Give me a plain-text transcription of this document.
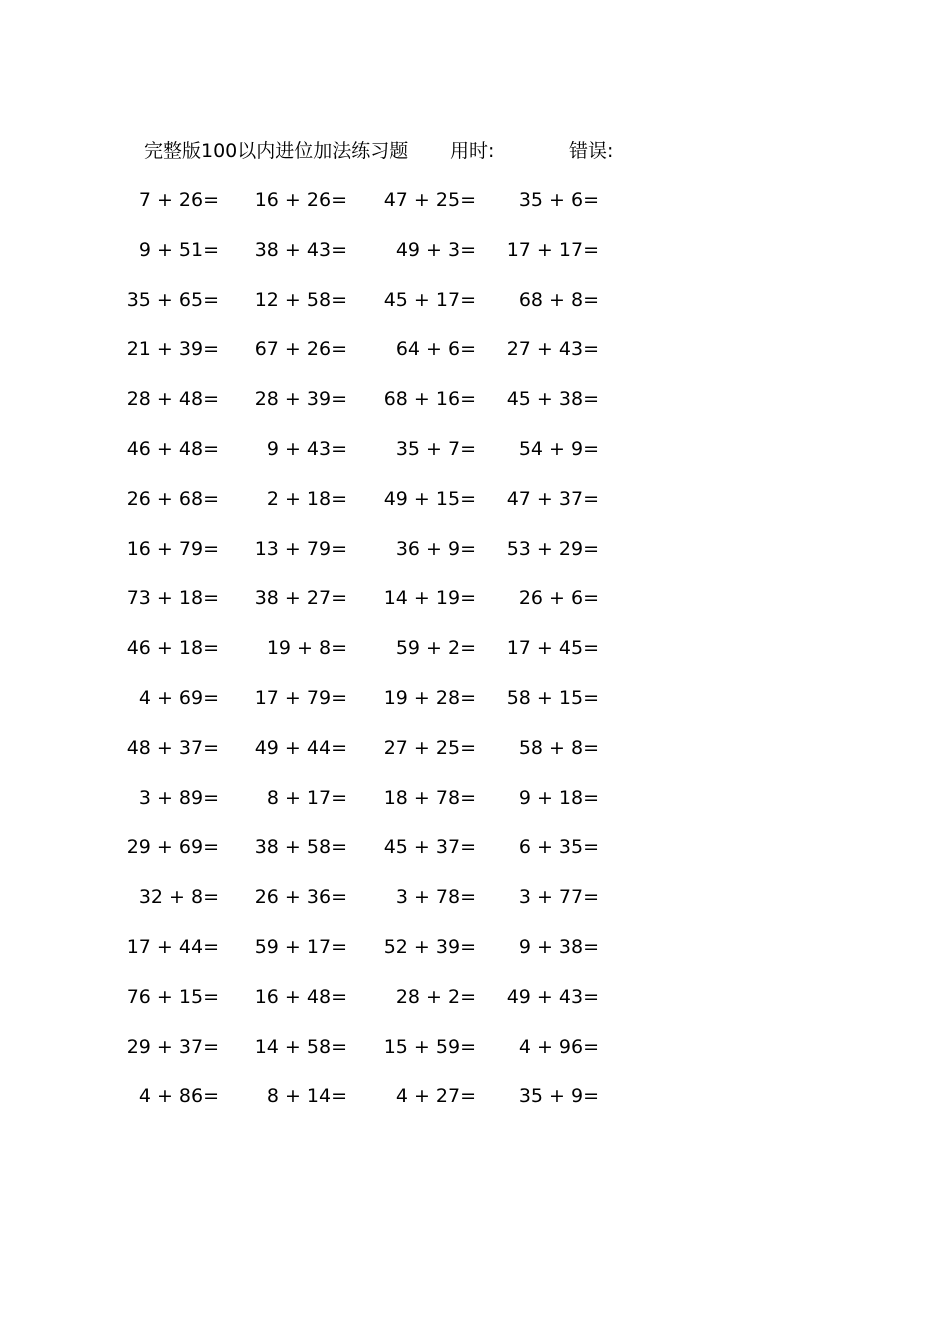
完整版100以内进位加法练习题 用时:	错误:
7 + 26= 16 + 26= 47 + 25= 35 + 6=
9 + 51= 38 + 43=	49 + 3= 17 + 17=
35 + 65= 12 + 58= 45 + 17= 68 + 8=
21 + 39= 67 + 26=	64 + 6= 27 + 43=
28 + 48= 28 + 39= 68 + 16= 45 + 38=
46 + 48=	9 + 43=	35 + 7= 54 + 9=
26 + 68=	2 + 18= 49 + 15= 47 + 37=
16 + 79= 13 + 79=	36 + 9= 53 + 29=
73 + 18= 38 + 27= 14 + 19= 26 + 6=
46 + 18=	19 + 8=	59 + 2= 17 + 45=
4 + 69= 17 + 79= 19 + 28= 58 + 15=
48 + 37= 49 + 44= 27 + 25= 58 + 8=
3 + 89=	8 + 17= 18 + 78= 9 + 18=
29 + 69= 38 + 58= 45 + 37= 6 + 35=
32 + 8= 26 + 36=	3 + 78= 3 + 77=
17 + 44= 59 + 17= 52 + 39= 9 + 38=
76 + 15= 16 + 48=	28 + 2= 49 + 43=
29 + 37= 14 + 58= 15 + 59= 4 + 96=
4 + 86=	8 + 14=	4 + 27= 35 + 9=
